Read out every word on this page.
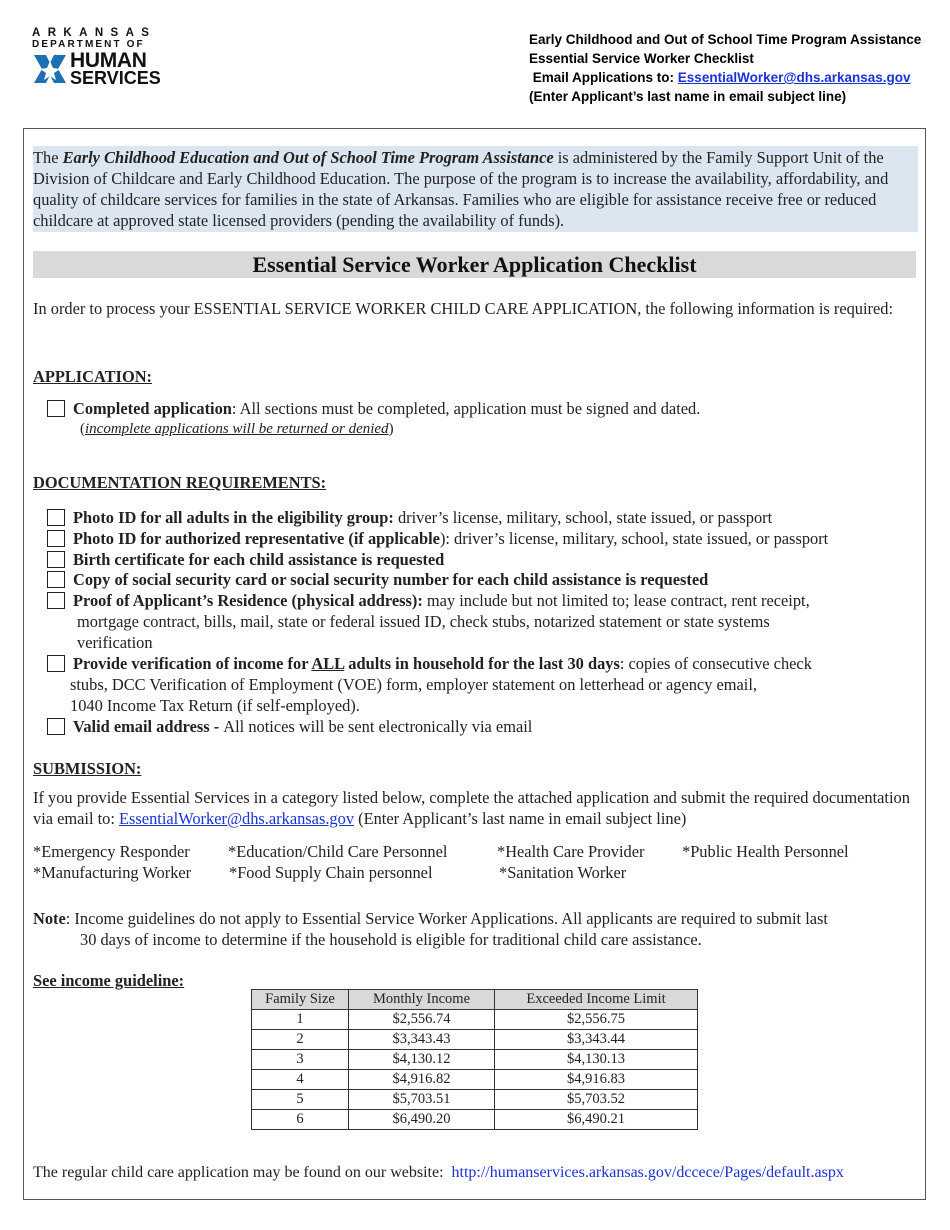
ARKANSAS
DEPARTMENT OF
HUMAN
SERVICES
Early Childhood and Out of School Time Program Assistance
Essential Service Worker Checklist
Email Applications to: EssentialWorker@dhs.arkansas.gov
(Enter Applicant’s last name in email subject line)
The Early Childhood Education and Out of School Time Program Assistance is administered by the Family Support Unit of the Division of Childcare and Early Childhood Education. The purpose of the program is to increase the availability, affordability, and quality of childcare services for families in the state of Arkansas. Families who are eligible for assistance receive free or reduced childcare at approved state licensed providers (pending the availability of funds).
Essential Service Worker Application Checklist
In order to process your ESSENTIAL SERVICE WORKER CHILD CARE APPLICATION, the following information is required:
APPLICATION:
Completed application: All sections must be completed, application must be signed and dated.
(incomplete applications will be returned or denied)
DOCUMENTATION REQUIREMENTS:
Photo ID for all adults in the eligibility group: driver’s license, military, school, state issued, or passport
Photo ID for authorized representative (if applicable): driver’s license, military, school, state issued, or passport
Birth certificate for each child assistance is requested
Copy of social security card or social security number for each child assistance is requested
Proof of Applicant’s Residence (physical address): may include but not limited to; lease contract, rent receipt,
mortgage contract, bills, mail, state or federal issued ID, check stubs, notarized statement or state systems
verification
Provide verification of income for ALL adults in household for the last 30 days: copies of consecutive check
stubs, DCC Verification of Employment (VOE) form, employer statement on letterhead or agency email,
1040 Income Tax Return (if self-employed).
Valid email address - All notices will be sent electronically via email
SUBMISSION:
If you provide Essential Services in a category listed below, complete the attached application and submit the required documentation via email to: EssentialWorker@dhs.arkansas.gov (Enter Applicant’s last name in email subject line)
*Emergency Responder *Education/Child Care Personnel	*Health Care Provider *Public Health Personnel
*Manufacturing Worker *Food Supply Chain personnel	*Sanitation Worker
Note: Income guidelines do not apply to Essential Service Worker Applications. All applicants are required to submit last
30 days of income to determine if the household is eligible for traditional child care assistance.
See income guideline:
Family Size	Monthly Income	Exceeded Income Limit
1	$2,556.74	$2,556.75
2	$3,343.43	$3,343.44
3	$4,130.12	$4,130.13
4	$4,916.82	$4,916.83
5	$5,703.51	$5,703.52
6	$6,490.20	$6,490.21
The regular child care application may be found on our website: http://humanservices.arkansas.gov/dccece/Pages/default.aspx
